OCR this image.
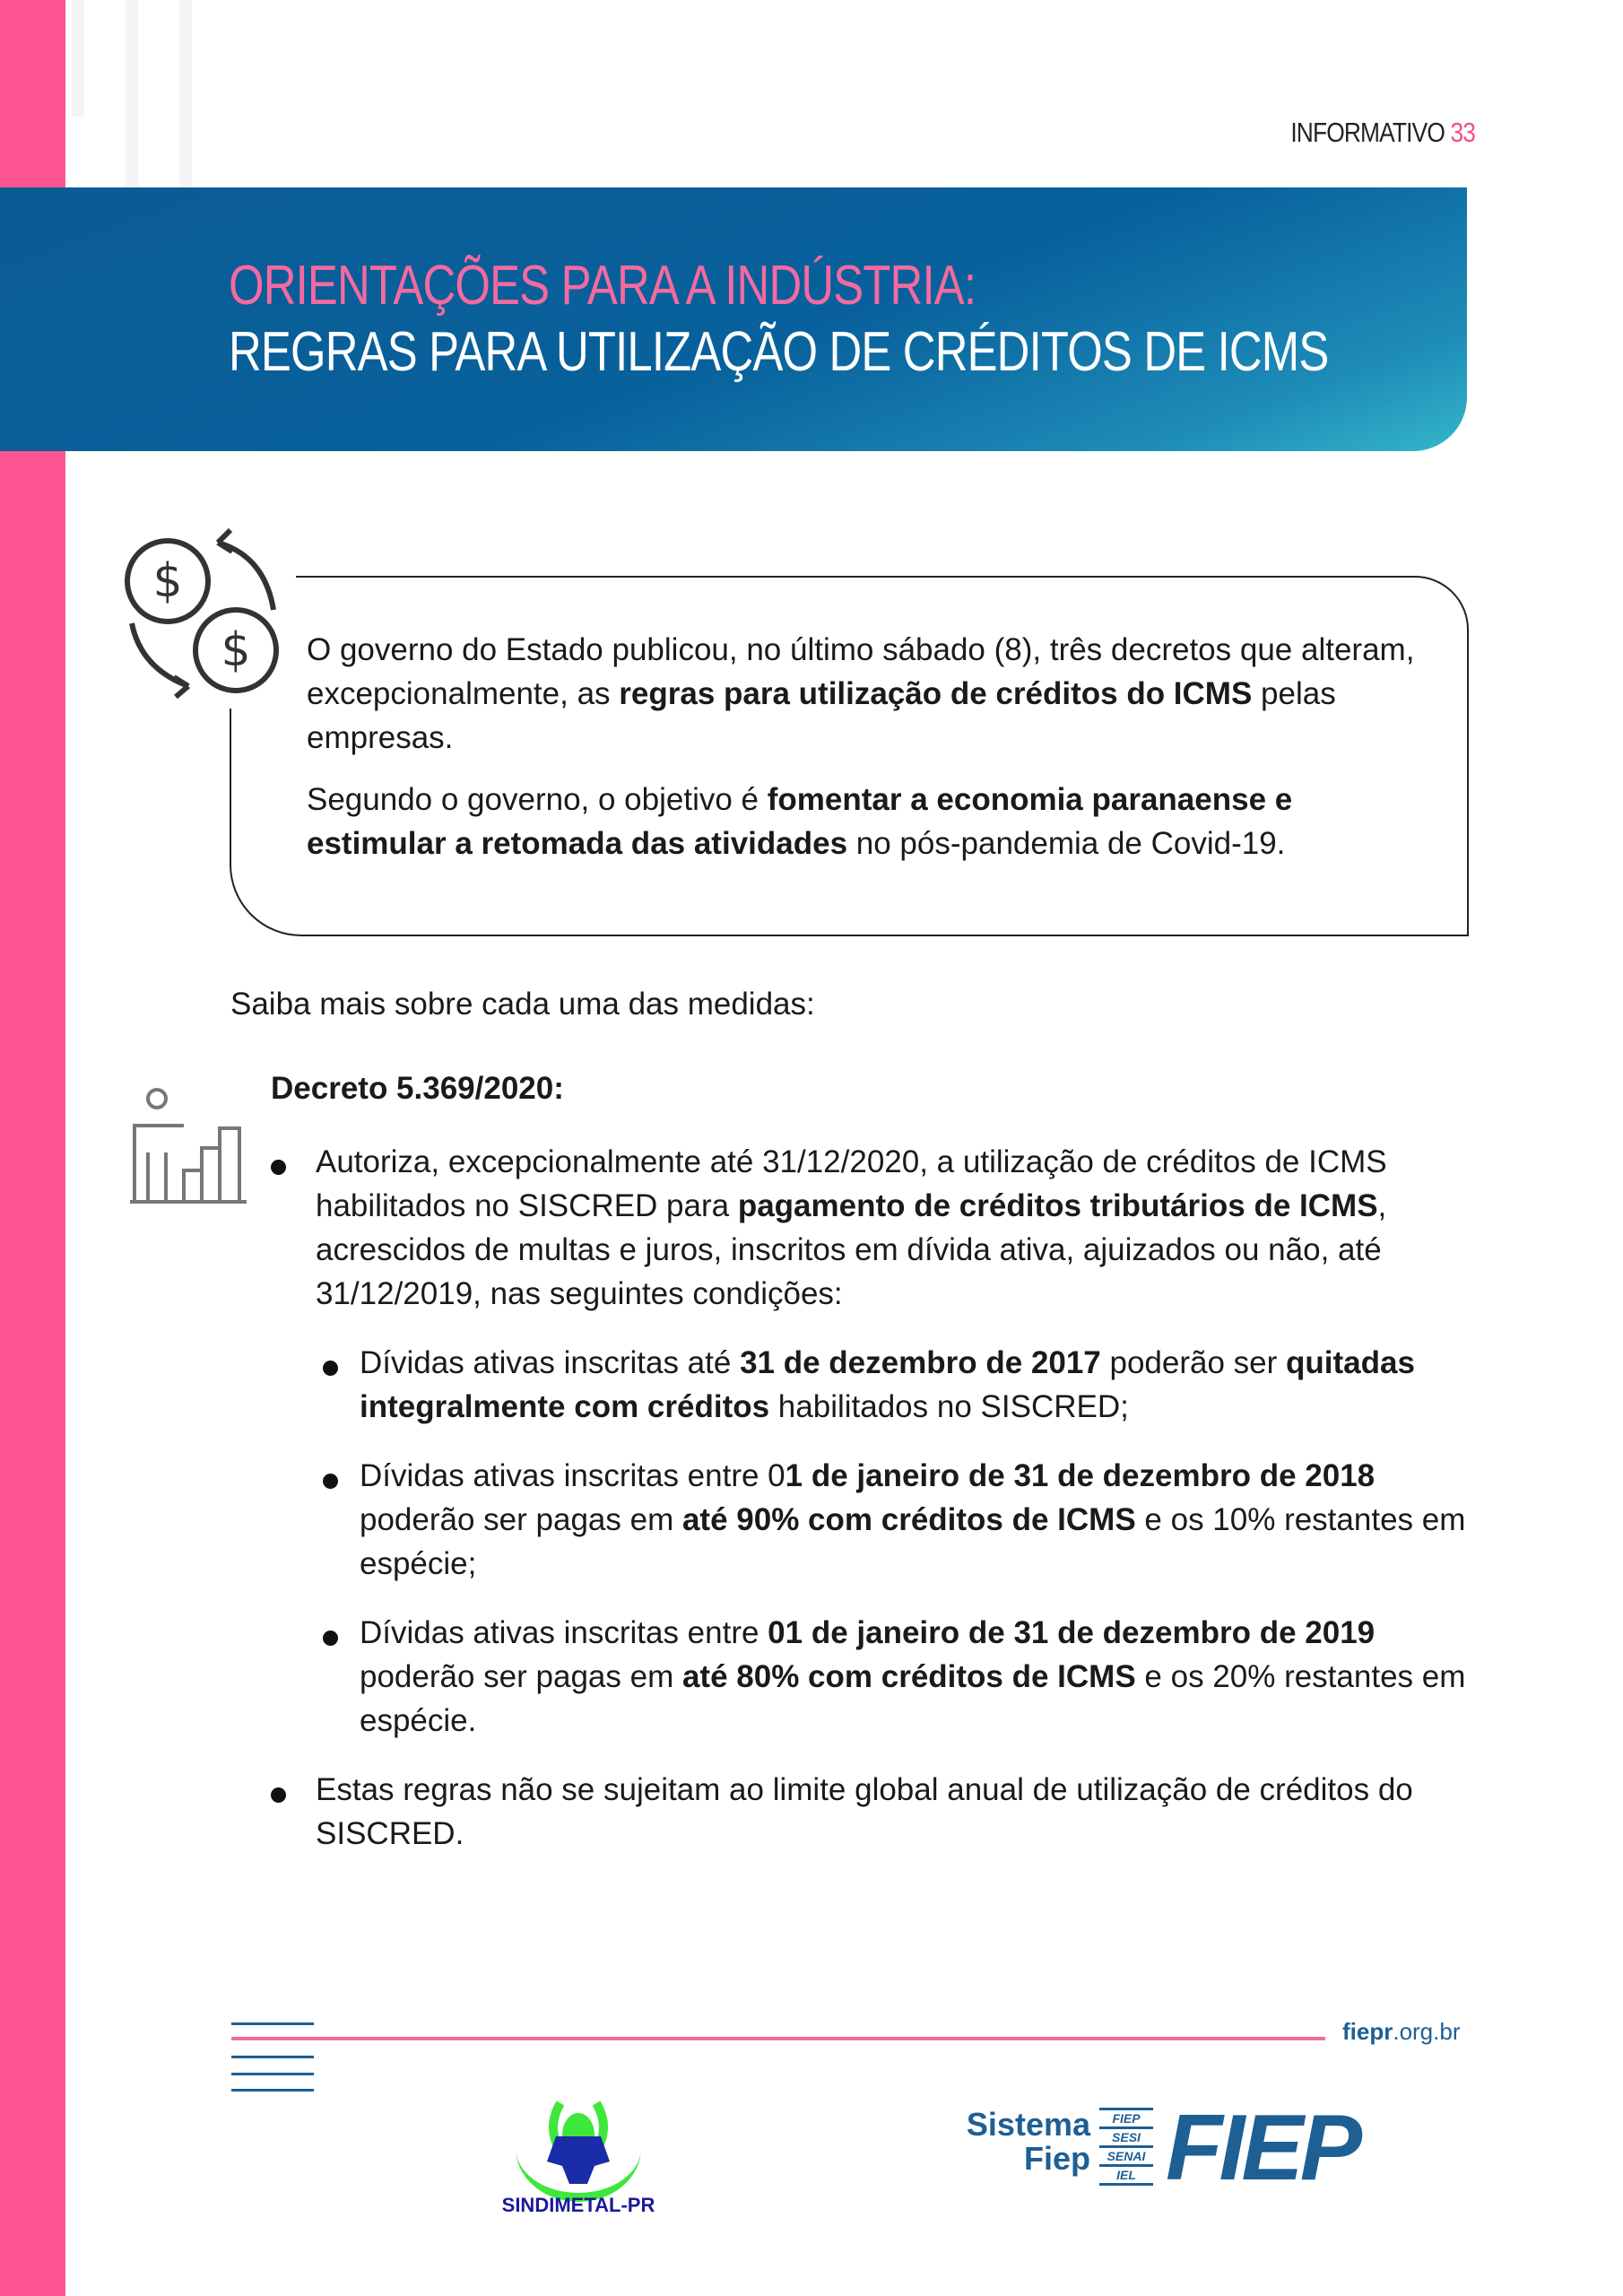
INFORMATIVO 33
ORIENTAÇÕES PARA A INDÚSTRIA:
REGRAS PARA UTILIZAÇÃO DE CRÉDITOS DE ICMS
$
$ O governo do Estado publicou, no último sábado (8), três decretos que alteram, excepcionalmente, as regras para utilização de créditos do ICMS pelas empresas.

Segundo o governo, o objetivo é fomentar a economia paranaense e estimular a retomada das atividades no pós-pandemia de Covid-19.

Saiba mais sobre cada uma das medidas:
Decreto 5.369/2020:
Autoriza, excepcionalmente até 31/12/2020, a utilização de créditos de ICMS habilitados no SISCRED para pagamento de créditos tributários de ICMS, acrescidos de multas e juros, inscritos em dívida ativa, ajuizados ou não, até 31/12/2019, nas seguintes condições:
Dívidas ativas inscritas até 31 de dezembro de 2017 poderão ser quitadas integralmente com créditos habilitados no SISCRED;
Dívidas ativas inscritas entre 01 de janeiro de 31 de dezembro de 2018 poderão ser pagas em até 90% com créditos de ICMS e os 10% restantes em espécie;
Dívidas ativas inscritas entre 01 de janeiro de 31 de dezembro de 2019 poderão ser pagas em até 80% com créditos de ICMS e os 20% restantes em espécie.
Estas regras não se sujeitam ao limite global anual de utilização de créditos do SISCRED.
fiepr.org.br
SINDIMETAL-PR
Sistema
Fiep
FIEP
SESI
SENAI
IEL FIEP
